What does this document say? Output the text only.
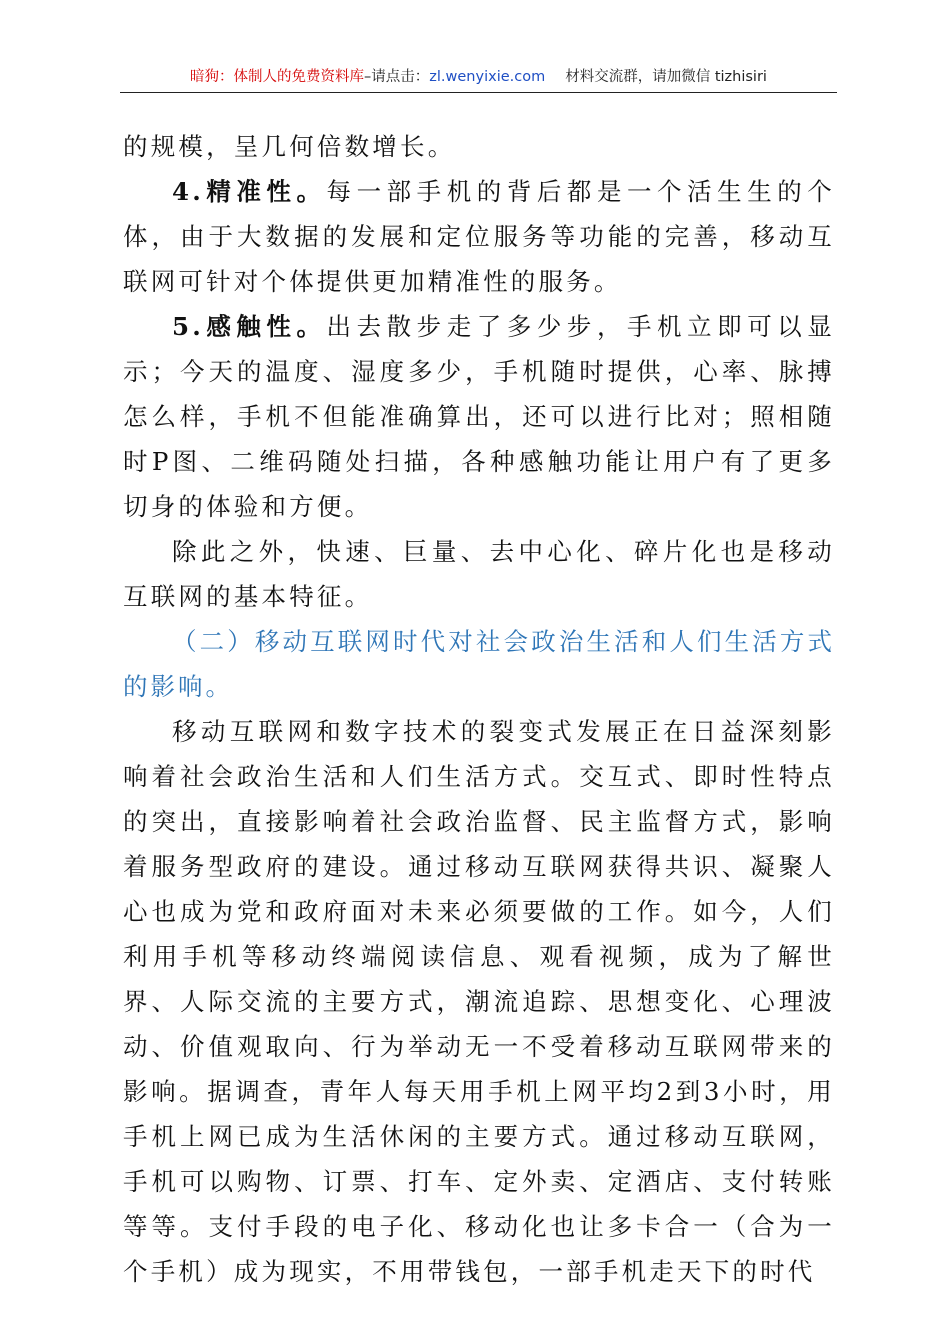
暗狗：体制人的免费资料库–请点击：zl.wenyixie.com 材料交流群，请加微信 tizhisiri

的规模，呈几何倍数增长。

4.精准性。每一部手机的背后都是一个活生生的个体，由于大数据的发展和定位服务等功能的完善，移动互联网可针对个体提供更加精准性的服务。

5.感触性。出去散步走了多少步，手机立即可以显示；今天的温度、湿度多少，手机随时提供，心率、脉搏怎么样，手机不但能准确算出，还可以进行比对；照相随时P图、二维码随处扫描，各种感触功能让用户有了更多切身的体验和方便。

除此之外，快速、巨量、去中心化、碎片化也是移动互联网的基本特征。

（二）移动互联网时代对社会政治生活和人们生活方式的影响。

移动互联网和数字技术的裂变式发展正在日益深刻影响着社会政治生活和人们生活方式。交互式、即时性特点的突出，直接影响着社会政治监督、民主监督方式，影响着服务型政府的建设。通过移动互联网获得共识、凝聚人心也成为党和政府面对未来必须要做的工作。如今，人们利用手机等移动终端阅读信息、观看视频，成为了解世界、人际交流的主要方式，潮流追踪、思想变化、心理波动、价值观取向、行为举动无一不受着移动互联网带来的影响。据调查，青年人每天用手机上网平均2到3小时，用手机上网已成为生活休闲的主要方式。通过移动互联网，手机可以购物、订票、打车、定外卖、定酒店、支付转账等等。支付手段的电子化、移动化也让多卡合一（合为一个手机）成为现实，不用带钱包，一部手机走天下的时代
